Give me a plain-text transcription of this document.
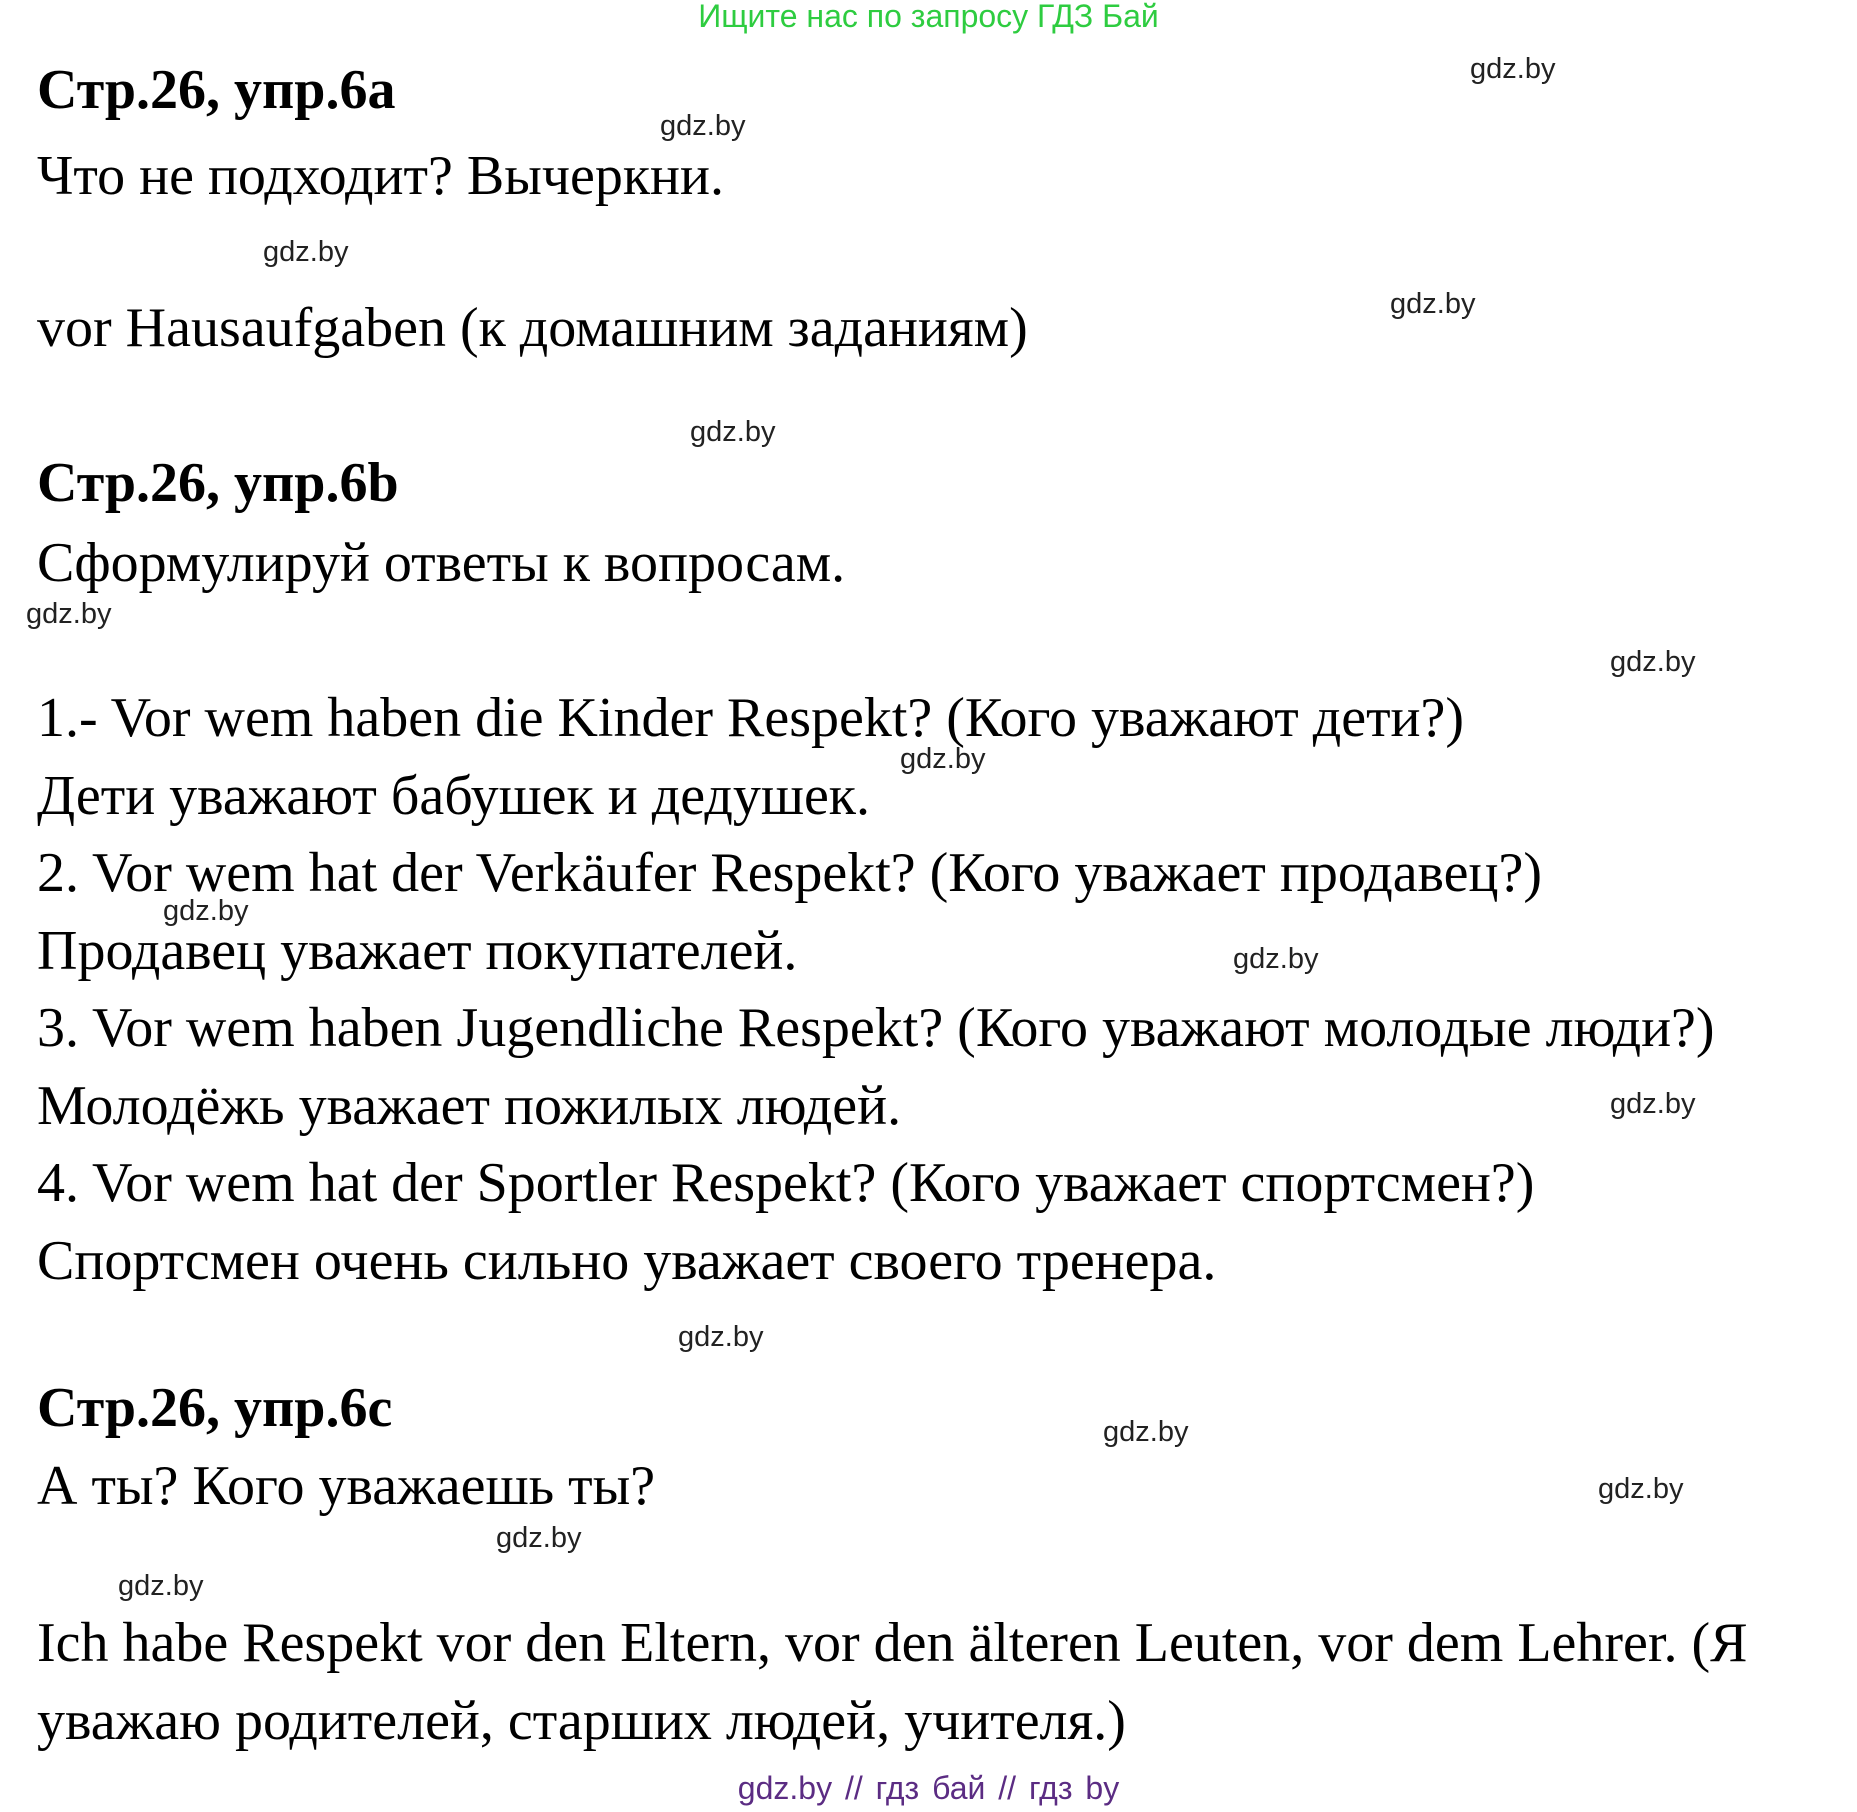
Ищите нас по запросу ГДЗ Бай
Стр.26, упр.6a
Что не подходит? Вычеркни.
vor Hausaufgaben (к домашним заданиям)
Стр.26, упр.6b
Сформулируй ответы к вопросам.
1.- Vor wem haben die Kinder Respekt? (Кого уважают дети?)
Дети уважают бабушек и дедушек.
2. Vor wem hat der Verkäufer Respekt? (Кого уважает продавец?)
Продавец уважает покупателей.
3. Vor wem haben Jugendliche Respekt? (Кого уважают молодые люди?)
Молодёжь уважает пожилых людей.
4. Vor wem hat der Sportler Respekt? (Кого уважает спортсмен?)
Спортсмен очень сильно уважает своего тренера.
Стр.26, упр.6c
А ты? Кого уважаешь ты?
Ich habe Respekt vor den Eltern, vor den älteren Leuten, vor dem Lehrer. (Я
уважаю родителей, старших людей, учителя.)
gdz.by
gdz.by
gdz.by
gdz.by
gdz.by
gdz.by
gdz.by
gdz.by
gdz.by
gdz.by
gdz.by
gdz.by
gdz.by
gdz.by
gdz.by
gdz.by
gdz.by // гдз бай // гдз by
